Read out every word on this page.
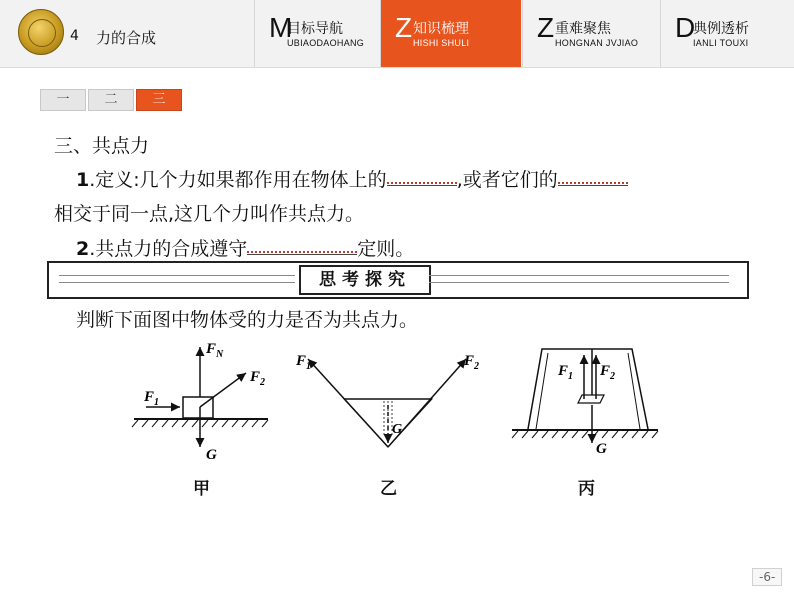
4 力的合成	M
目标导航
UBIAODAOHANG Z 知识梳理
HISHI SHULI Z 重难聚焦
HONGNAN JVJIAO D
典例透析
IANLI TOUXI
一	二	三
三、共点力
1.定义:几个力如果都作用在物体上的	,或者它们的
相交于同一点,这几个力叫作共点力。
2.共点力的合成遵守	定则。
思考探究
判断下面图中物体受的力是否为共点力。
$F_N$
$F_1$
$F_2$
G
甲
$F_1$	$F_2$
G
乙
$F_1$ $F_2$
G
丙
-6-
